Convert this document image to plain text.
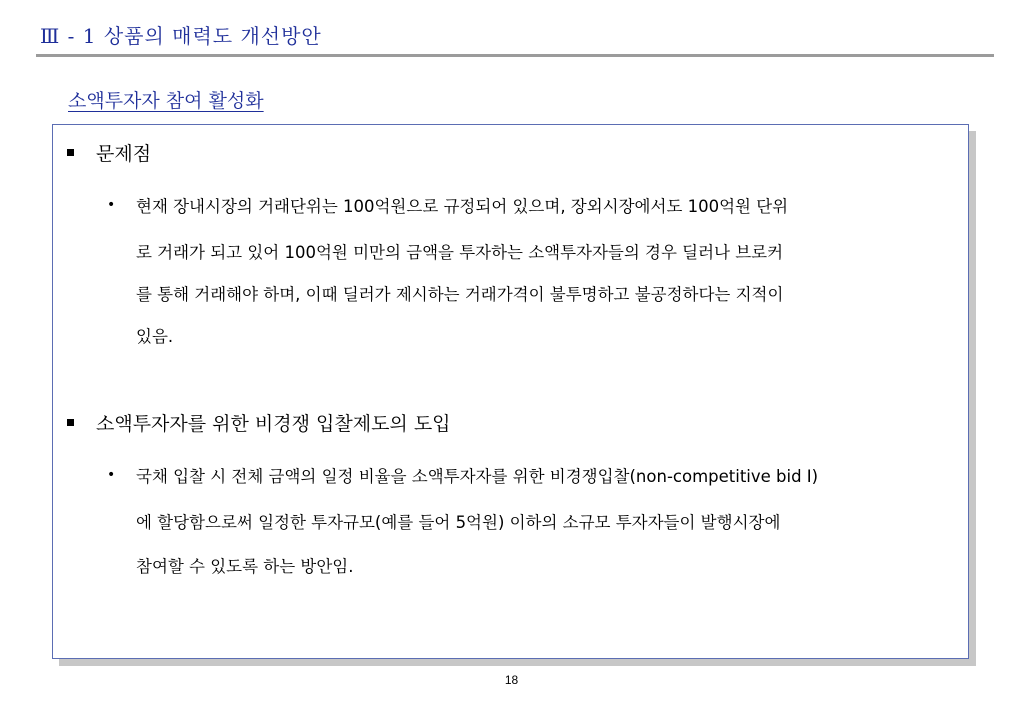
Ⅲ - 1 상품의 매력도 개선방안
소액투자자 참여 활성화
문제점
• 현재 장내시장의 거래단위는 100억원으로 규정되어 있으며, 장외시장에서도 100억원 단위
로 거래가 되고 있어 100억원 미만의 금액을 투자하는 소액투자자들의 경우 딜러나 브로커
를 통해 거래해야 하며, 이때 딜러가 제시하는 거래가격이 불투명하고 불공정하다는 지적이
있음.
소액투자자를 위한 비경쟁 입찰제도의 도입
• 국채 입찰 시 전체 금액의 일정 비율을 소액투자자를 위한 비경쟁입찰(non-competitive bid I)
에 할당함으로써 일정한 투자규모(예를 들어 5억원) 이하의 소규모 투자자들이 발행시장에
참여할 수 있도록 하는 방안임.
18
